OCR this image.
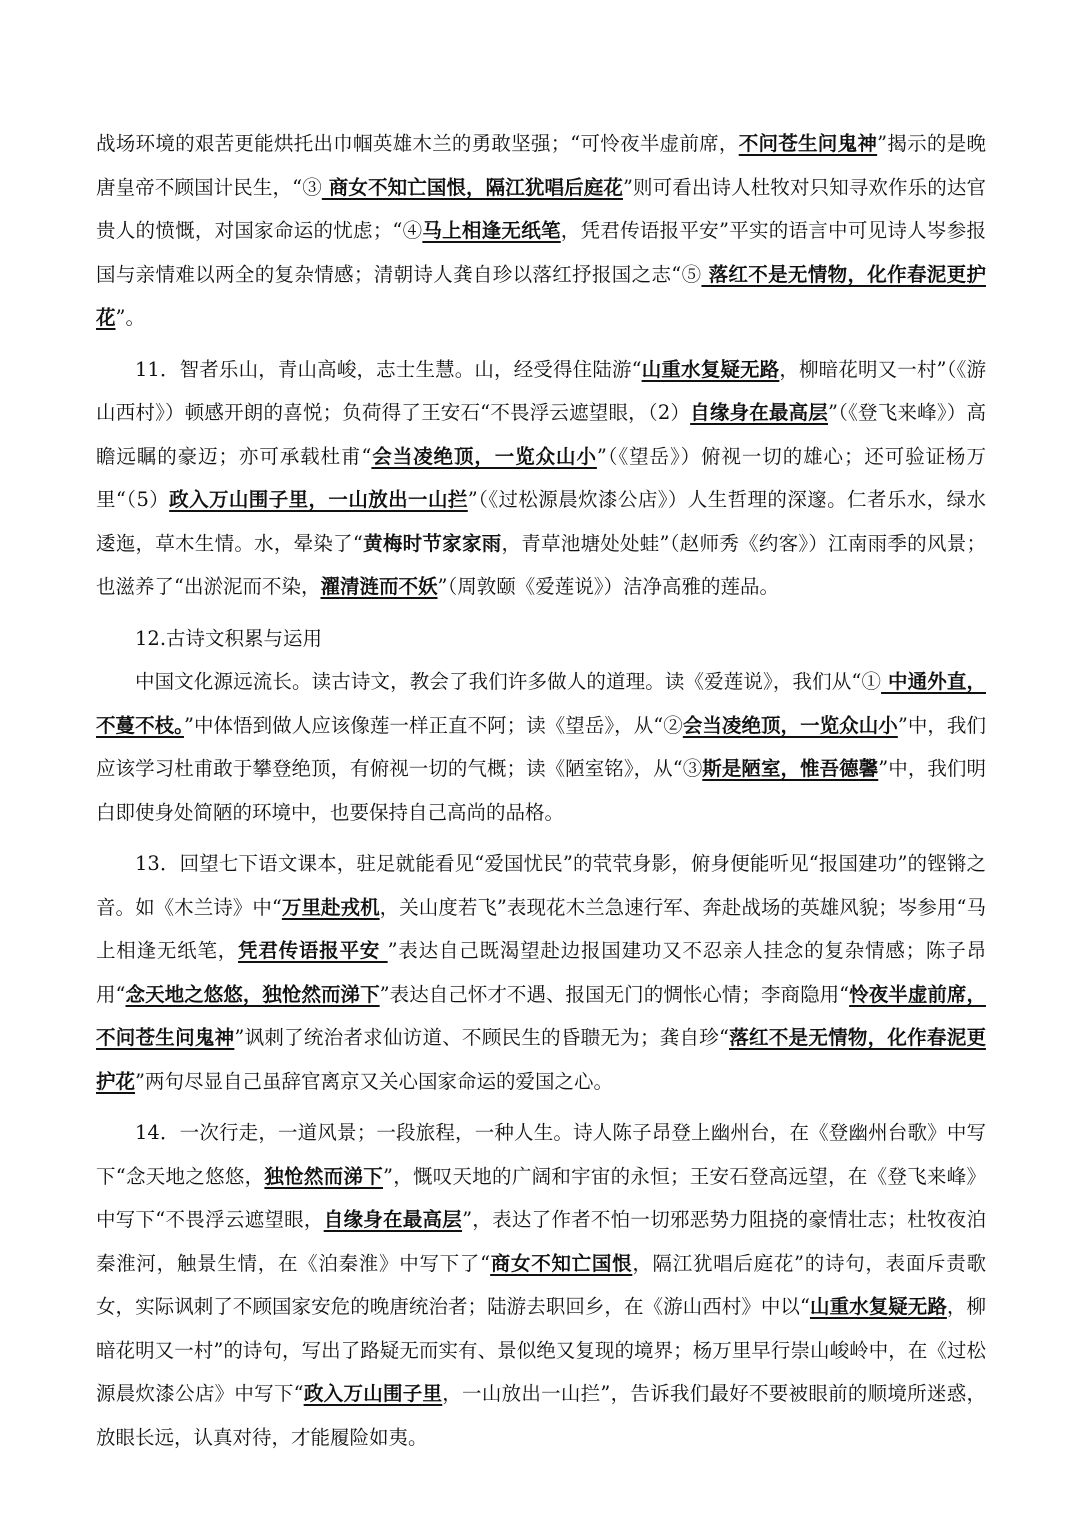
战场环境的艰苦更能烘托出巾帼英雄木兰的勇敢坚强；“可怜夜半虚前席，不问苍生问鬼神”揭示的是晚唐皇帝不顾国计民生，“③ 商女不知亡国恨，隔江犹唱后庭花”则可看出诗人杜牧对只知寻欢作乐的达官贵人的愤慨，对国家命运的忧虑；“④马上相逢无纸笔，凭君传语报平安”平实的语言中可见诗人岑参报国与亲情难以两全的复杂情感；清朝诗人龚自珍以落红抒报国之志“⑤ 落红不是无情物，化作春泥更护花”。

11．智者乐山，青山高峻，志士生慧。山，经受得住陆游“山重水复疑无路，柳暗花明又一村”（《游山西村》）顿感开朗的喜悦；负荷得了王安石“不畏浮云遮望眼，（2）自缘身在最高层”（《登飞来峰》）高瞻远瞩的豪迈；亦可承载杜甫“会当凌绝顶，一览众山小”（《望岳》）俯视一切的雄心；还可验证杨万里“（5）政入万山围子里，一山放出一山拦”（《过松源晨炊漆公店》）人生哲理的深邃。仁者乐水，绿水逶迤，草木生情。水，晕染了“黄梅时节家家雨，青草池塘处处蛙”（赵师秀《约客》）江南雨季的风景；也滋养了“出淤泥而不染，濯清涟而不妖”（周敦颐《爱莲说》）洁净高雅的莲品。

12.古诗文积累与运用

中国文化源远流长。读古诗文，教会了我们许多做人的道理。读《爱莲说》，我们从“① 中通外直，不蔓不枝。”中体悟到做人应该像莲一样正直不阿；读《望岳》，从“②会当凌绝顶，一览众山小”中，我们应该学习杜甫敢于攀登绝顶，有俯视一切的气概；读《陋室铭》，从“③斯是陋室，惟吾德馨”中，我们明白即使身处简陋的环境中，也要保持自己高尚的品格。

13．回望七下语文课本，驻足就能看见“爱国忧民”的茕茕身影，俯身便能听见“报国建功”的铿锵之音。如《木兰诗》中“万里赴戎机，关山度若飞”表现花木兰急速行军、奔赴战场的英雄风貌；岑参用“马上相逢无纸笔，凭君传语报平安 ”表达自己既渴望赴边报国建功又不忍亲人挂念的复杂情感；陈子昂用“念天地之悠悠，独怆然而涕下”表达自己怀才不遇、报国无门的惆怅心情；李商隐用“怜夜半虚前席，不问苍生问鬼神”讽刺了统治者求仙访道、不顾民生的昏聩无为；龚自珍“落红不是无情物，化作春泥更护花”两句尽显自己虽辞官离京又关心国家命运的爱国之心。

14．一次行走，一道风景；一段旅程，一种人生。诗人陈子昂登上幽州台，在《登幽州台歌》中写下“念天地之悠悠，独怆然而涕下”，慨叹天地的广阔和宇宙的永恒；王安石登高远望，在《登飞来峰》中写下“不畏浮云遮望眼，自缘身在最高层”，表达了作者不怕一切邪恶势力阻挠的豪情壮志；杜牧夜泊秦淮河，触景生情，在《泊秦淮》中写下了“商女不知亡国恨，隔江犹唱后庭花”的诗句，表面斥责歌女，实际讽刺了不顾国家安危的晚唐统治者；陆游去职回乡，在《游山西村》中以“山重水复疑无路，柳暗花明又一村”的诗句，写出了路疑无而实有、景似绝又复现的境界；杨万里早行崇山峻岭中，在《过松源晨炊漆公店》中写下“政入万山围子里，一山放出一山拦”，告诉我们最好不要被眼前的顺境所迷惑，放眼长远，认真对待，才能履险如夷。
